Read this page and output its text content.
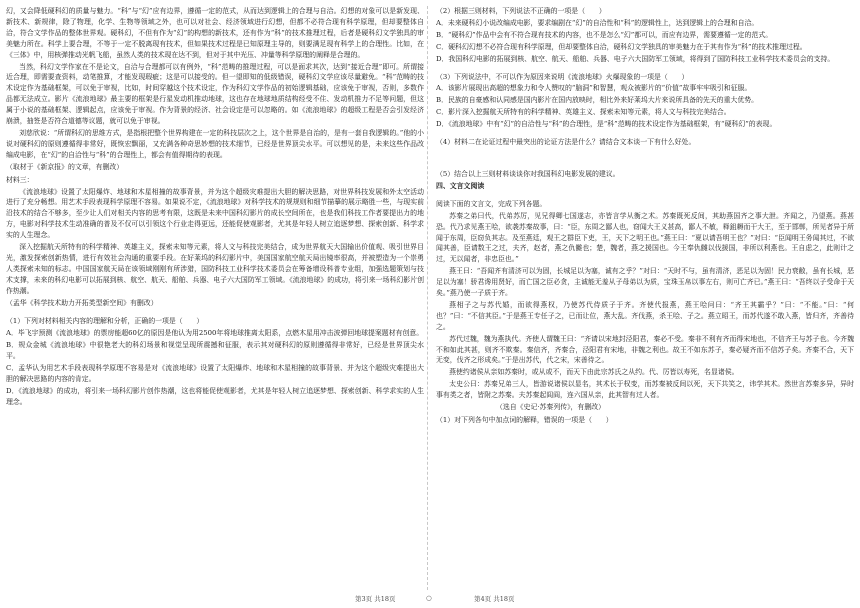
幻，又会降低硬科幻的质量与魅力。“科”与“幻”应有边界，遵循一定的范式，从而达到逻辑上的合理与自洽。幻想的对象可以是新发现、新技术、新规律，除了物理，化学、生物等领域之外，也可以对社会、经济领域进行幻想，但都不必符合现有科学原理，但却要整体自洽，符合文学作品的整体世界观。硬科幻，不但有作为“幻”的构想的新技术，还有作为“科”的技术推理过程，后者是硬科幻文学独具的审美魅力所在。科学上要合理，不等于一定不脱离现有技术，但如果技术过程是已知原理主导的，则要满足现有科学上的合理性。比如，在《三体》中，用核弹推动光帆飞船，虽然人类的技术现在达不到，但对于其中光压、冲量等科学原理的阐释是合理的。

当然，科幻文学作家在不是论文，自洽与合理都可以有例外，“科”范畴的推理过程，可以是面求其次，达到“接近合理”即可。所谓接近合理，即需要查资料，动笔推算，才能发现瑕疵；这是可以接受的。但一望即知的低级错误，硬科幻文学应该尽量避免。“科”范畴的技术设定作为基础框架，可以免于审视，比如，时间穿越这个技术设定，作为科幻文学作品的初始逻辑基础，应该免于审视，否则，多数作品都无法成立。影片《流浪地球》最主要的框架是行星发动机推动地球，这也存在地球地质结构经受不住、发动机推力不足等问题，但这属于小说的基础框架、逻辑起点，应该免于审视。作为背景的经济、社会设定是可以忽略的。如《流浪地球》的超级工程是否会引发经济崩溃，抽签是否符合道德等议题，就可以免于审视。

刘慈欣说：“所谓科幻的思维方式，是指根把整个世界构建在一定的科技层次之上，这个世界是自治的，是有一套自我逻辑的。”他的小说对硬科幻的原则遵循得非常好，既恢宏飘丽，又充满各种奇思妙想的技术细节，已经是世界顶尖水平。可以想见的是，未来这些作品改编成电影，在“幻”的自洽性与“科”的合理性上，都会有值得期待的表现。

（取材于《新京报》的文章，有删改）

材料三：

《流浪地球》设置了太阳爆炸、地球和木星相撞的故事背景，并为这个超级灾难提出大胆的解决思路，对世界科技发展和外太空活动进行了充分畅想。用艺术手段表现科学原理不容易。如果说不定，《流浪地球》对科学技术的规规则和细节描摹的展示略胜一些，与现实前沿技术的结合不够多，至少让人们对相关内容的思考有限，这既是未来中国科幻影片的成长空间所在，也是我们科技工作者要提出力的地方，电影对科学技术生动准确的普及不仅可以引领这个行业走得更远，还能促使观影者，尤其是年轻人树立追逐梦想、探索创新、科学求实的人生理念。

深入挖掘航天所特有的科学精神、英雄主义，探索未知等元素，将人文与科技完美结合，成为世界航天大国输出价值观、吸引世界目光，激发探索创新热情，进行有效社会沟通的重要手段。在好莱坞的科幻影片中，美国国家航空航天局出镜率很高，并被塑造为一个崇勇人类探索未知的标志。中国国家航天局在该领域刚刚有所涉猎，国防科技工业科学技术委员会在筹备增设科普专业组，加强选题策划与技术支撑，未来的科幻电影可以拓展到核、航空、航天、船舶、兵器、电子六大国防军工领域。《流浪地球》的成功，将引来一场科幻影片创作热潮。

（孟华《科学技术助力开拓类型新空间》有删改）

（1）下列对材料相关内容的理解和分析，正确的一项是（　　）

A．毕飞宇预测《流浪地球》的票房能超60亿的原因是他认为用2500年将地球推离太阳系，点燃木星用冲击波弹回地球提案题材有创意。

B．规众金城《流浪地球》中很艳老大的科幻场景和视觉呈现所震撼和征服，表示其对硬科幻的原则遵循得非常好，已经是世界顶尖水平。

C．孟华认为用艺术手段表现科学原理不容易是对《流浪地球》设置了太阳爆炸、地球和木星相撞的故事背景、并为这个超级灾难提出大胆的解决思路的内容的肯定。

D．《流浪地球》的成功，将引来一场科幻影片创作热潮，这也将能促使观影者，尤其是年轻人树立追逐梦想、探索创新、科学求实的人生理念。

（2）根据三则材料，下列说法不正确的一项是（　　）

A．未来硬科幻小说改编成电影，要求编剧在“幻”的自洽性和“科”的逻辑性上，达到逻辑上的合理和自洽。

B．“硬科幻”作品中会有不符合现有技术的内容，也不是怎么“幻”都可以，而应有边界，需要遵循一定的范式。

C．硬科幻幻想不必符合现有科学原理，但却要整体自洽，硬科幻文学独具的审美魅力在于其有作为“科”的技术推理过程。

D．我国科幻电影的拓展到核、航空、航天、船舶、兵器、电子六大国防军工领域，将得到了国防科技工业科学技术委员会的支持。

（3）下列说法中，不可以作为原因来说明《流浪地球》火爆现象的一项是（　　）

A．该影片展现出高超的想象力和令人赞叹的“脑洞”和智慧，观众被影片的“价值”故事牢牢吸引和征服。

B．民族的自豪感和认同感是国内影片在国内放映时，相比外来好莱坞大片来说所具备的先天的重大优势。

C．影片深入挖掘航天所特有的科学精神、英雄主义、探索未知等元素，将人文与科技完美结合。

D．《流浪地球》中有“幻”的自洽性与“科”的合理性，是“科”范畴的技术设定作为基础框架，有“硬科幻”的表现。

（4）材料二在论证过程中最突出的论证方法是什么？请结合文本谈一下有什么好处。

（5）结合以上三则材料谈谈你对我国科幻电影发展的建议。

四、文言文阅读

阅读下面的文言文，完成下列各题。

苏秦之弟曰代，代弟苏厉，见兄得卿七国遂志，亦皆言学从衡之术。苏秦既死反间，其助燕国齐之事大泄。齐闻之，乃望燕。燕甚恐。代乃求见燕王哙，欲袭苏秦故事，曰：“臣，东周之鄙人也，窃闻大王义甚高，鄙人不敏，释鉏耨而干大王，至于邯郸，所见者异于所闻于东周，臣窃负其志。及至燕廷，观王之群臣下吏，王，天下之明王也。”燕王曰：“夏以请吾明王也？”对曰：“臣闻明王务闻其过，不欲闻其善，臣请数王之过，夫齐，赵者，燕之仇雠也；楚，魏者，燕之援国也。今王奉仇雠以伐援国，非所以利燕也。王自虑之，此则计之过，无以闻者，非忠臣也。”

燕王曰：“吾闻齐有清济可以为固，长城足以为塞，诚有之乎？”对曰：“天时不与，虽有清济，恶足以为固！民力衰敝，虽有长城，恶足以为塞！骄君谗用贤好，而亡国之臣必贪，主诚能无羞从子母弟以为质，宝珠玉帛以事左右，则可亡齐已。”燕王曰：“吾终以子受命于天矣。”燕乃使一子质于齐。

燕相子之与苏代婚，而欲得燕权，乃使苏代侍质子于齐。齐使代报燕，燕王哙问曰：“齐王其霸乎？”曰：“不能。”曰：“何也？”曰：“不信其臣。”于是燕王专任子之，已而让位，燕大乱。齐伐燕，杀王哙、子之。燕立昭王，而苏代遂不敢入燕，皆归齐，齐善待之。

苏代过魏，魏为燕执代。齐使人谓魏王曰：“齐请以宋地封泾阳君，秦必不受。秦非不利有齐而得宋地也，不信齐王与苏子也。今齐魏不和如此其甚，则齐不欺秦。秦信齐，齐秦合，泾阳君有宋地，非魏之利也。故王不如东苏子，秦必疑齐而不信苏子矣。齐秦不合，天下无变，伐齐之形成矣。”于是出苏代，代之宋，宋善待之。

燕使约诸侯从亲如苏秦时，或从或不，而天下由此宗苏氏之从约。代、厉皆以寿死，名显诸侯。

太史公曰：苏秦兄弟三人，皆游说诸侯以显名，其术长于权变，而苏秦被反间以死，天下共笑之，讳学其术。然世言苏秦多异，异时事有类之者，皆附之苏秦。夫苏秦起闾阎，连六国从亲，此其智有过人者。

（选自《史记·苏秦列传》，有删改）

（1）对下列各句中加点词的解释，错误的一项是（　　）

第3页 共18页	○	第4页 共18页
